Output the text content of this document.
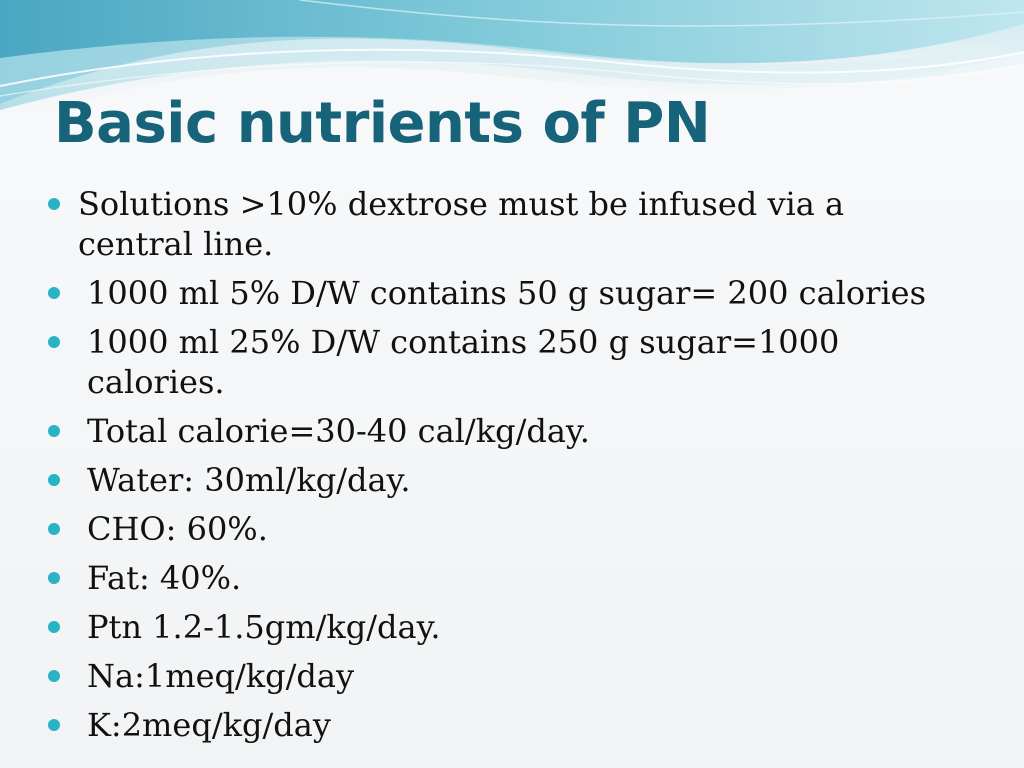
Basic nutrients of PN
Solutions >10% dextrose must be infused via a central line.
1000 ml 5% D/W contains 50 g sugar= 200 calories
1000 ml 25% D/W contains 250 g sugar=1000 calories.
Total calorie=30-40 cal/kg/day.
Water: 30ml/kg/day.
CHO: 60%.
Fat: 40%.
Ptn 1.2-1.5gm/kg/day.
Na:1meq/kg/day
K:2meq/kg/day
